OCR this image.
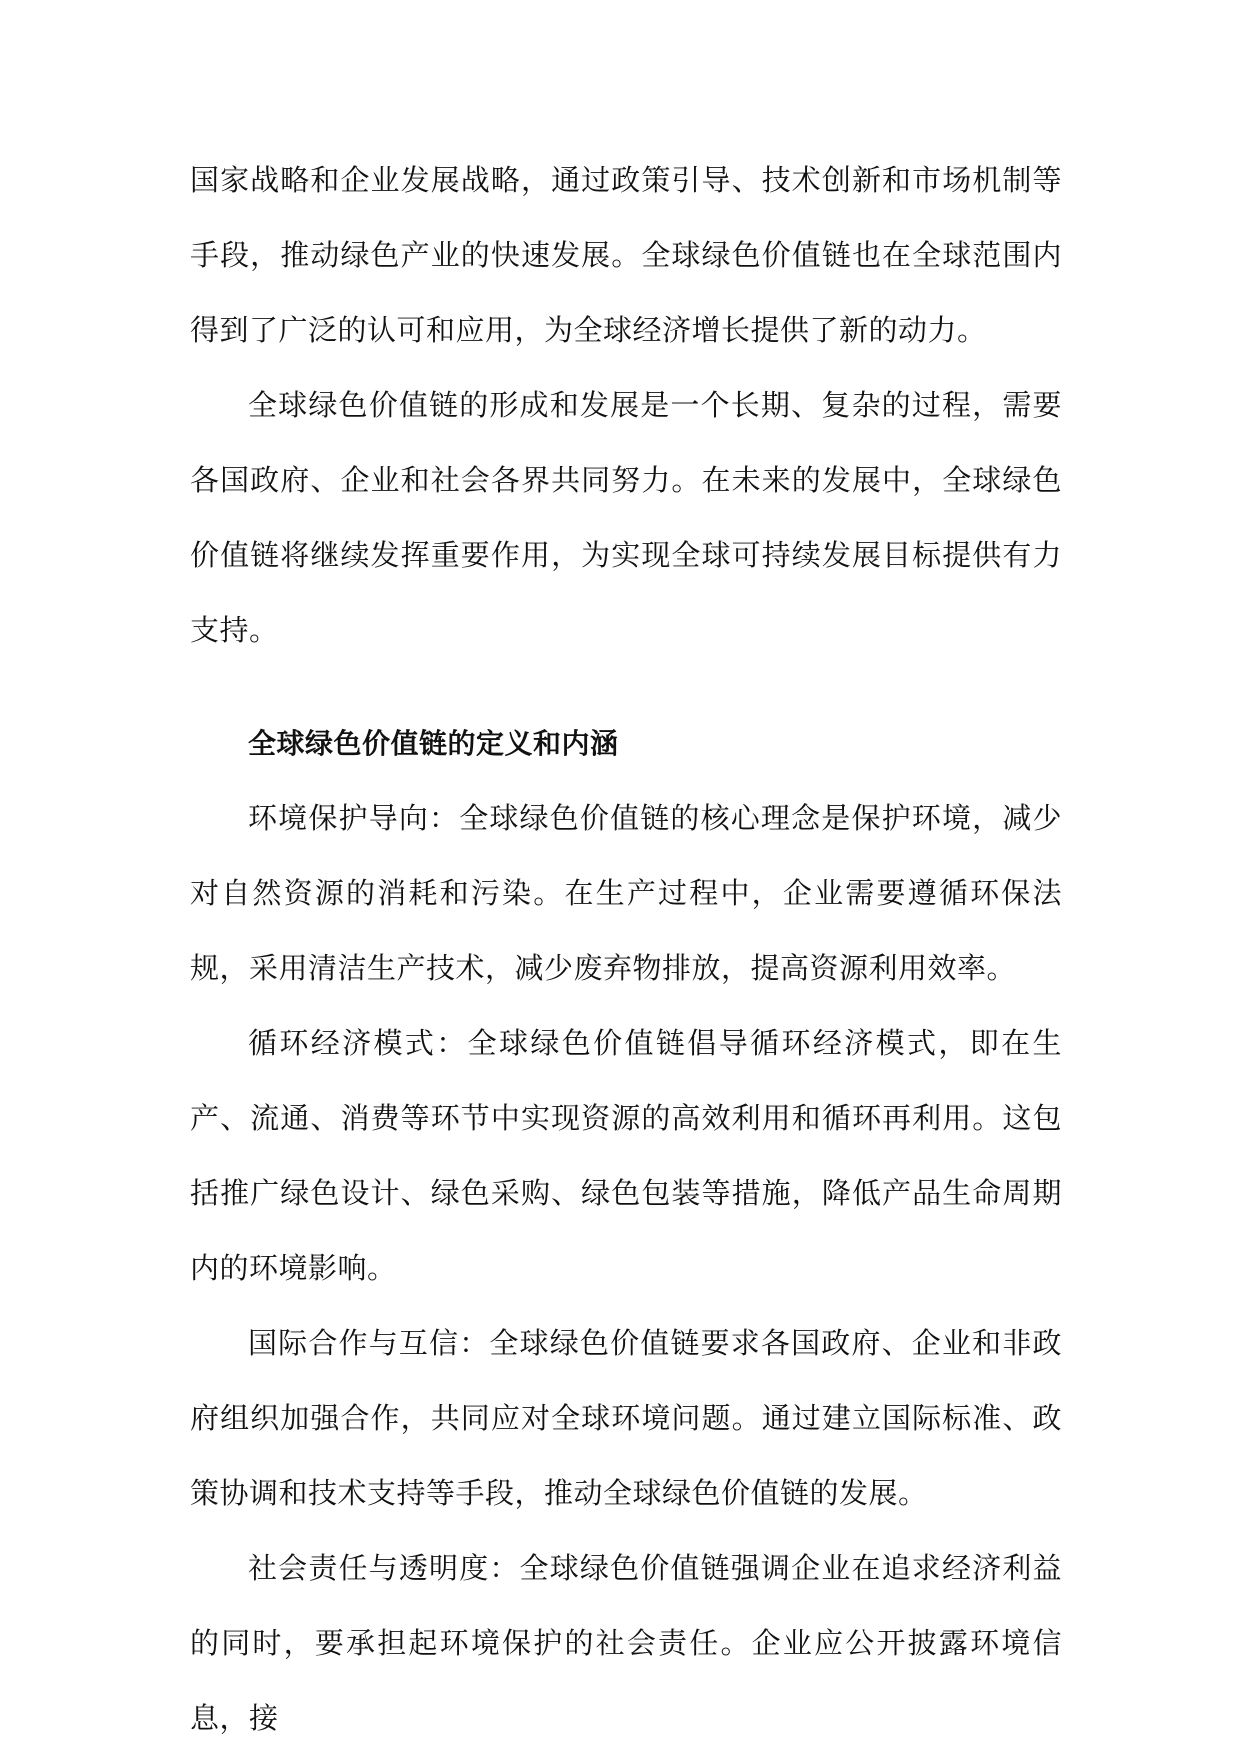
国家战略和企业发展战略，通过政策引导、技术创新和市场机制等手段，推动绿色产业的快速发展。全球绿色价值链也在全球范围内得到了广泛的认可和应用，为全球经济增长提供了新的动力。

全球绿色价值链的形成和发展是一个长期、复杂的过程，需要各国政府、企业和社会各界共同努力。在未来的发展中，全球绿色价值链将继续发挥重要作用，为实现全球可持续发展目标提供有力支持。

全球绿色价值链的定义和内涵

环境保护导向：全球绿色价值链的核心理念是保护环境，减少对自然资源的消耗和污染。在生产过程中，企业需要遵循环保法规，采用清洁生产技术，减少废弃物排放，提高资源利用效率。

循环经济模式：全球绿色价值链倡导循环经济模式，即在生产、流通、消费等环节中实现资源的高效利用和循环再利用。这包括推广绿色设计、绿色采购、绿色包装等措施，降低产品生命周期内的环境影响。

国际合作与互信：全球绿色价值链要求各国政府、企业和非政府组织加强合作，共同应对全球环境问题。通过建立国际标准、政策协调和技术支持等手段，推动全球绿色价值链的发展。

社会责任与透明度：全球绿色价值链强调企业在追求经济利益的同时，要承担起环境保护的社会责任。企业应公开披露环境信息，接
